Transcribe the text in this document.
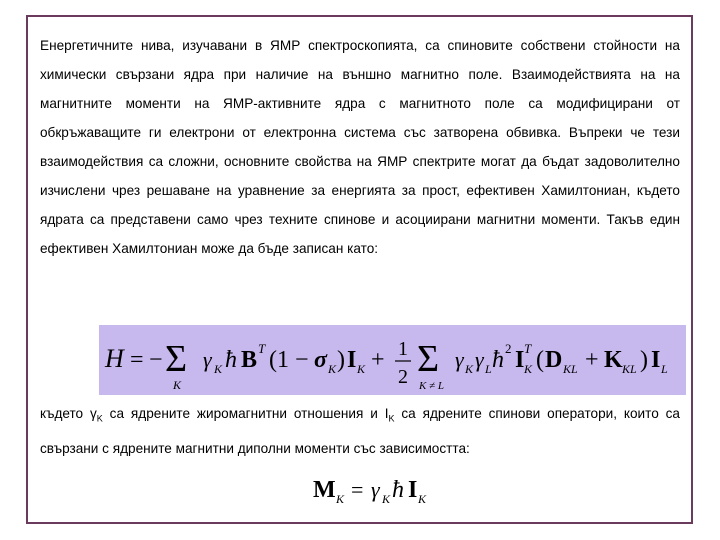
Енергетичните нива, изучавани в ЯМР спектроскопията, са спиновите собствени стойности на химически свързани ядра при наличие на външно магнитно поле. Взаимодействията на на магнитните моменти на ЯМР-активните ядра с магнитното поле са модифицирани от обкръжаващите ги електрони от електронна система със затворена обвивка. Въпреки че тези взаимодействия са сложни, основните свойства на ЯМР спектрите могат да бъдат задоволително изчислени чрез решаване на уравнение за енергията за прост, ефективен Хамилтониан, където ядрата са представени само чрез техните спинове и асоциирани магнитни моменти. Такъв един ефективен Хамилтониан може да бъде записан като:

H = − Σ
K
γ K ħ B T (1 − σ K ) I K + 1
2 Σ
K ≠ L
γ K γ L ħ 2 I T
K ( D KL + K KL ) I L

където $\gamma_K$ са ядрените жиромагнитни отношения и $I_K$ са ядрените спинови оператори, които са свързани с ядрените магнитни диполни моменти със зависимостта:

M K = γ K ħ I K
